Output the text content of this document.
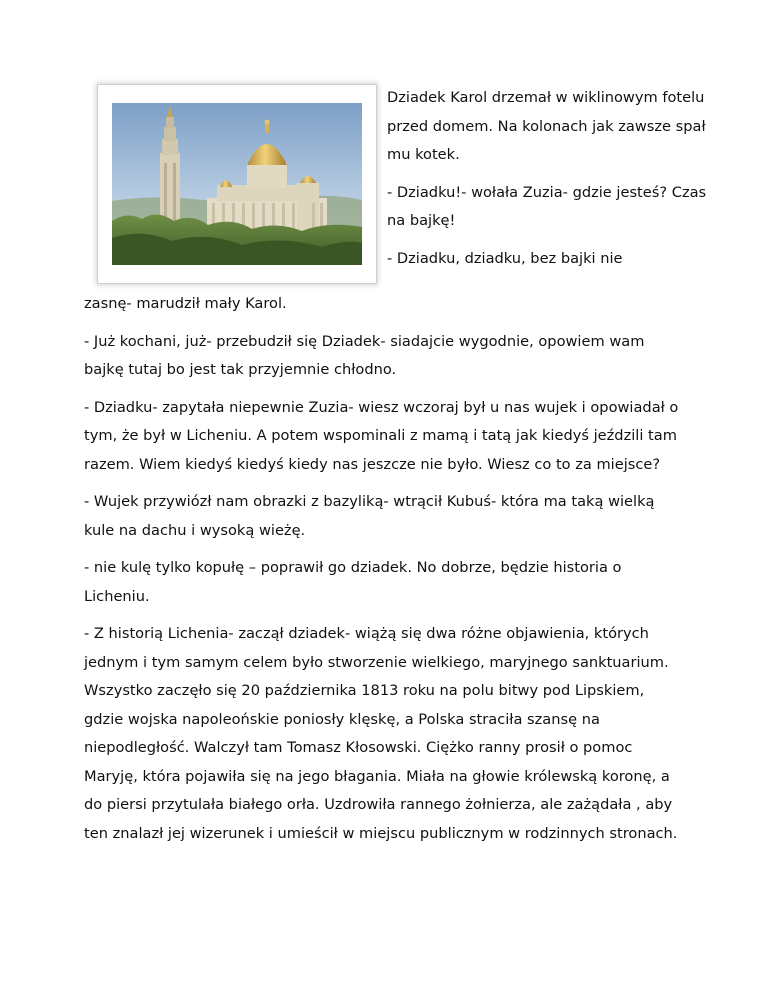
Dziadek Karol drzemał w wiklinowym fotelu przed domem. Na kolonach jak zawsze spał mu kotek.

- Dziadku!- wołała Zuzia- gdzie jesteś? Czas na bajkę!

- Dziadku, dziadku, bez bajki nie

zasnę- marudził mały Karol.

- Już kochani, już- przebudził się Dziadek- siadajcie wygodnie, opowiem wam bajkę tutaj bo jest tak przyjemnie chłodno.

- Dziadku- zapytała niepewnie Zuzia- wiesz wczoraj był u nas wujek i opowiadał o tym, że był w Licheniu. A potem wspominali z mamą i tatą jak kiedyś jeździli tam razem. Wiem kiedyś kiedyś kiedy nas jeszcze nie było. Wiesz co to za miejsce?

- Wujek przywiózł nam obrazki z bazyliką- wtrącił Kubuś- która ma taką wielką kule na dachu i wysoką wieżę.

- nie kulę tylko kopułę – poprawił go dziadek. No dobrze, będzie historia o Licheniu.

- Z historią Lichenia- zaczął dziadek- wiążą się dwa różne objawienia, których jednym i tym samym celem było stworzenie wielkiego, maryjnego sanktuarium. Wszystko zaczęło się 20 października 1813 roku na polu bitwy pod Lipskiem, gdzie wojska napoleońskie poniosły klęskę, a Polska straciła szansę na niepodległość. Walczył tam Tomasz Kłosowski. Ciężko ranny prosił o pomoc Maryję, która pojawiła się na jego błagania. Miała na głowie królewską koronę, a do piersi przytulała białego orła. Uzdrowiła rannego żołnierza, ale zażądała , aby ten znalazł jej wizerunek i umieścił w miejscu publicznym w rodzinnych stronach.
